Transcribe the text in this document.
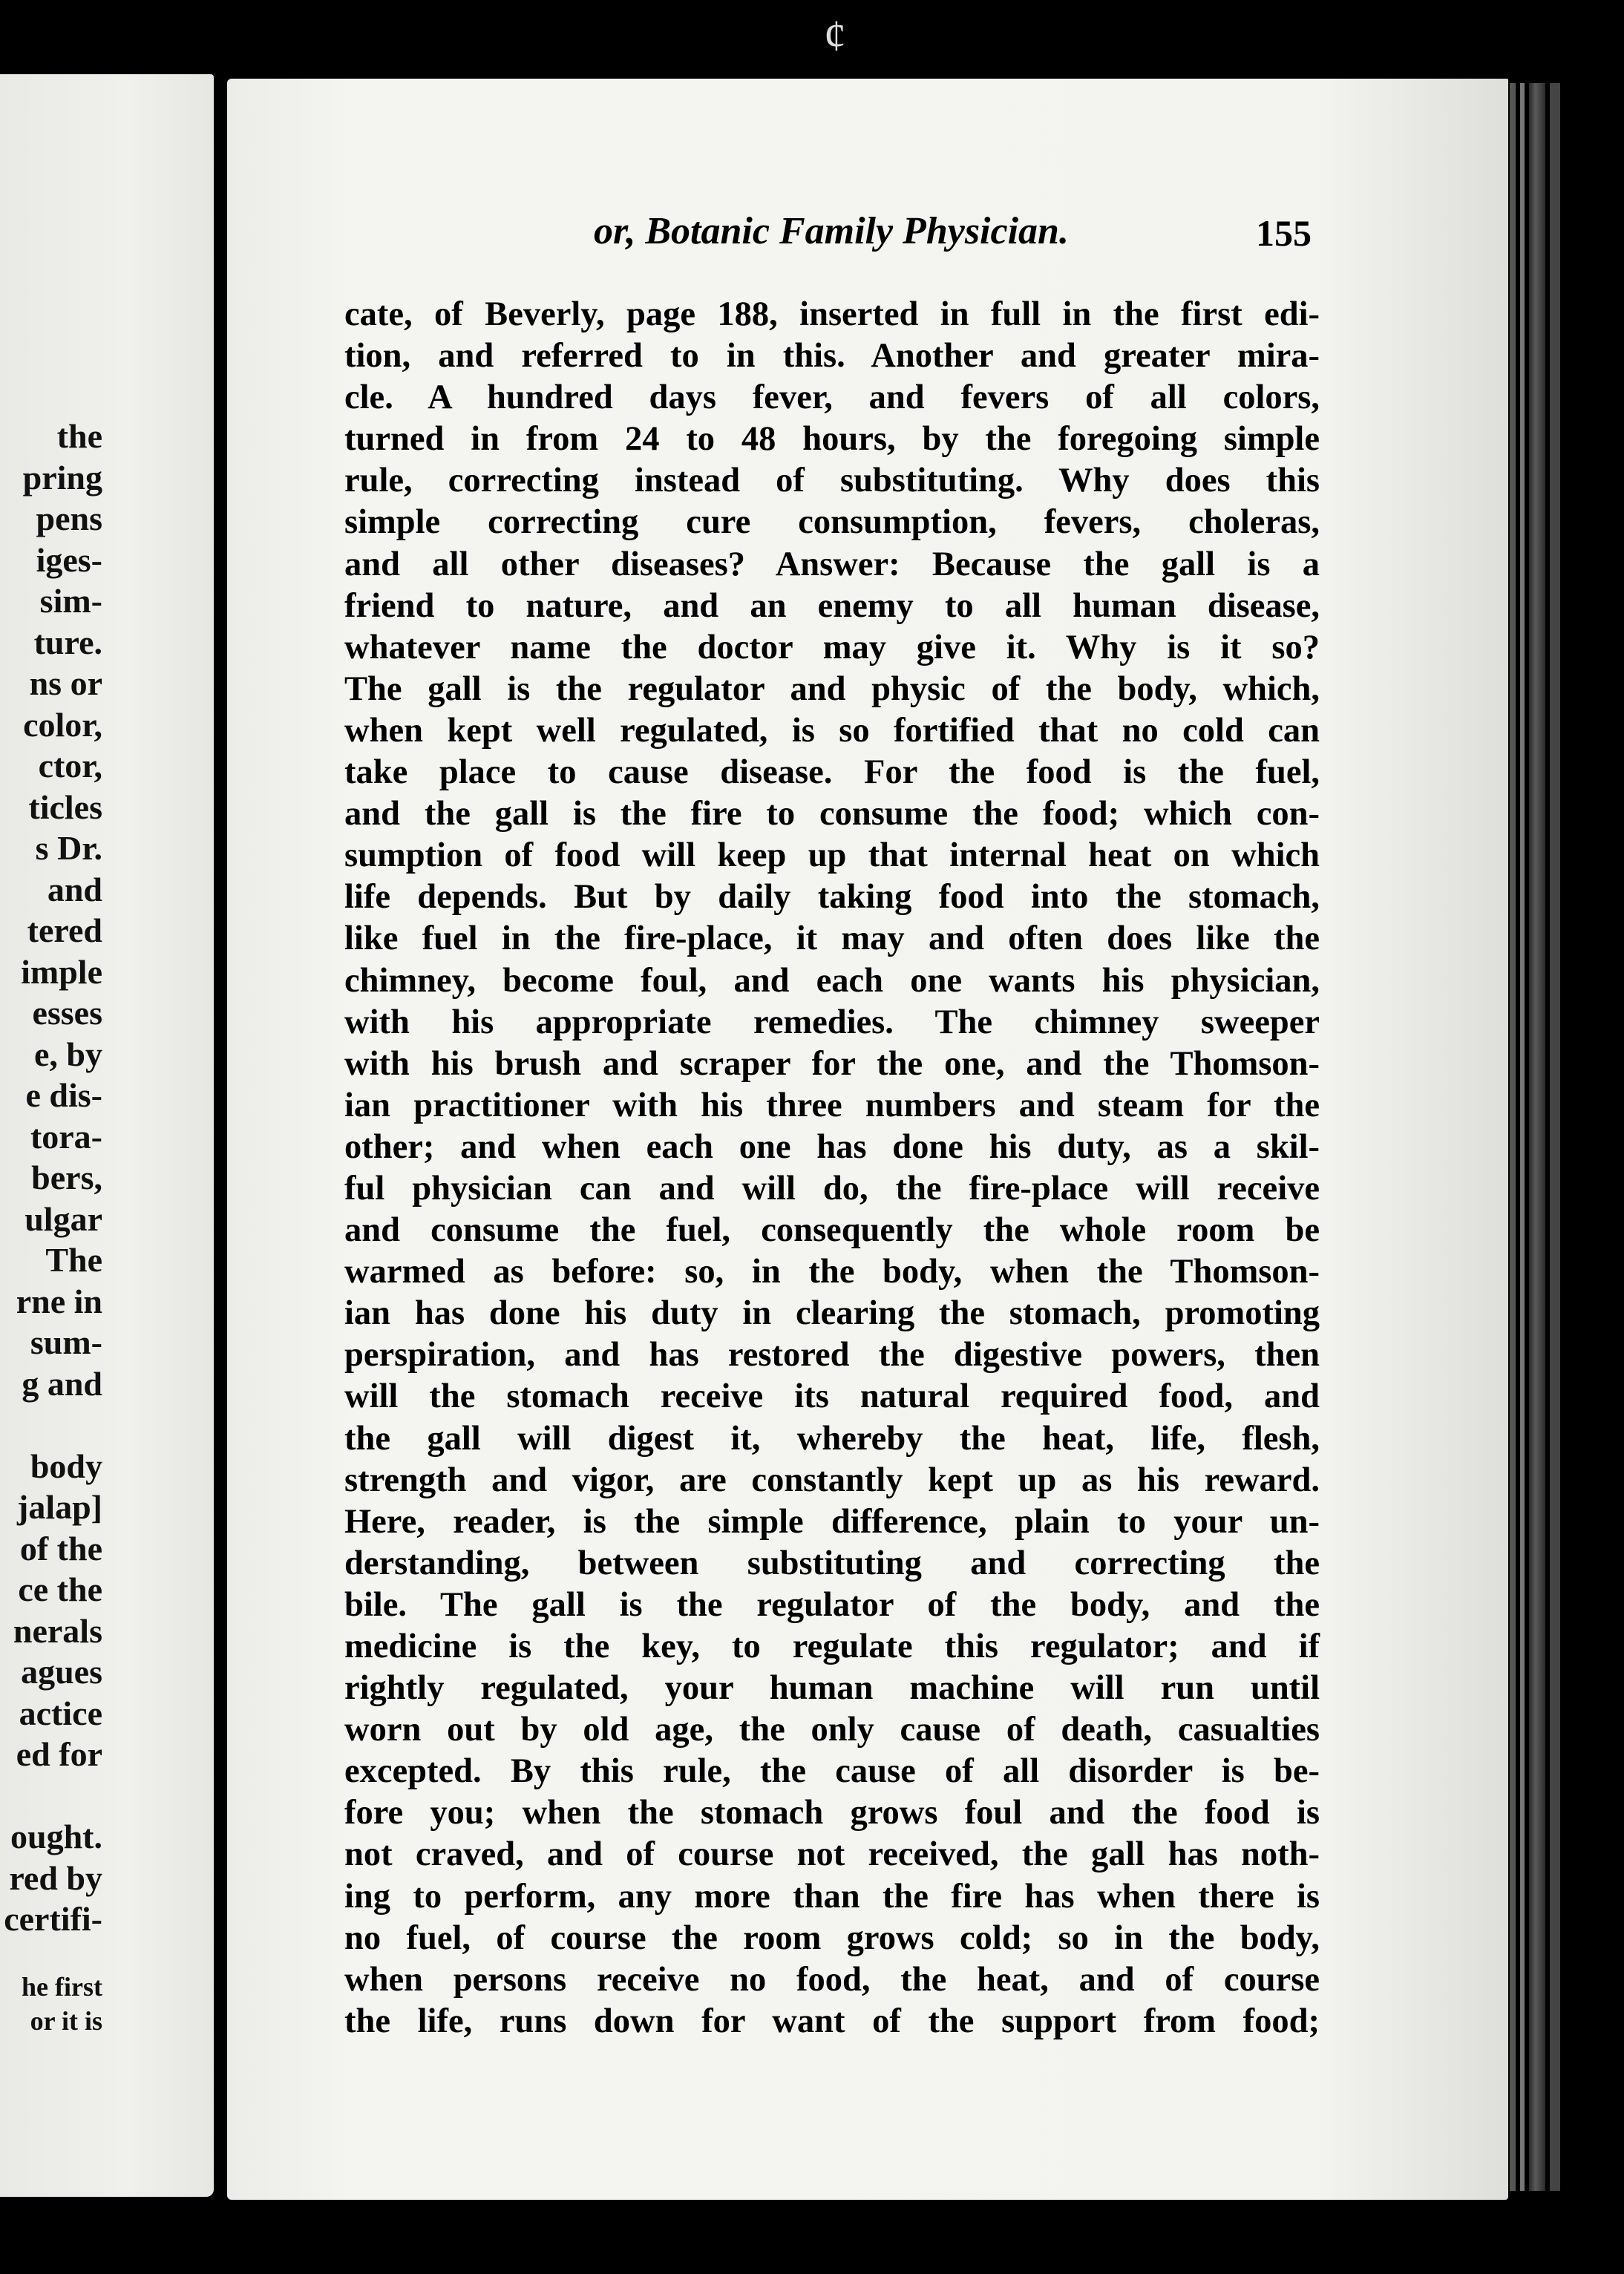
ȼ
the
pring
pens
iges-
sim-
ture.
ns or
color,
ctor,
ticles
s Dr.
and
tered
imple
esses
e, by
e dis-
tora-
bers,
ulgar
The
rne in
sum-
g and
body
jalap]
of the
ce the
nerals
agues
actice
ed for
ought.
red by
certifi-
he first
or it is
or, Botanic Family Physician.	155
cate, of Beverly, page 188, inserted in full in the first edi-
tion, and referred to in this. Another and greater mira-
cle. A hundred days fever, and fevers of all colors,
turned in from 24 to 48 hours, by the foregoing simple
rule, correcting instead of substituting. Why does this
simple correcting cure consumption, fevers, choleras,
and all other diseases? Answer: Because the gall is a
friend to nature, and an enemy to all human disease,
whatever name the doctor may give it. Why is it so?
The gall is the regulator and physic of the body, which,
when kept well regulated, is so fortified that no cold can
take place to cause disease. For the food is the fuel,
and the gall is the fire to consume the food; which con-
sumption of food will keep up that internal heat on which
life depends. But by daily taking food into the stomach,
like fuel in the fire-place, it may and often does like the
chimney, become foul, and each one wants his physician,
with his appropriate remedies. The chimney sweeper
with his brush and scraper for the one, and the Thomson-
ian practitioner with his three numbers and steam for the
other; and when each one has done his duty, as a skil-
ful physician can and will do, the fire-place will receive
and consume the fuel, consequently the whole room be
warmed as before: so, in the body, when the Thomson-
ian has done his duty in clearing the stomach, promoting
perspiration, and has restored the digestive powers, then
will the stomach receive its natural required food, and
the gall will digest it, whereby the heat, life, flesh,
strength and vigor, are constantly kept up as his reward.
Here, reader, is the simple difference, plain to your un-
derstanding, between substituting and correcting the
bile. The gall is the regulator of the body, and the
medicine is the key, to regulate this regulator; and if
rightly regulated, your human machine will run until
worn out by old age, the only cause of death, casualties
excepted. By this rule, the cause of all disorder is be-
fore you; when the stomach grows foul and the food is
not craved, and of course not received, the gall has noth-
ing to perform, any more than the fire has when there is
no fuel, of course the room grows cold; so in the body,
when persons receive no food, the heat, and of course
the life, runs down for want of the support from food;
